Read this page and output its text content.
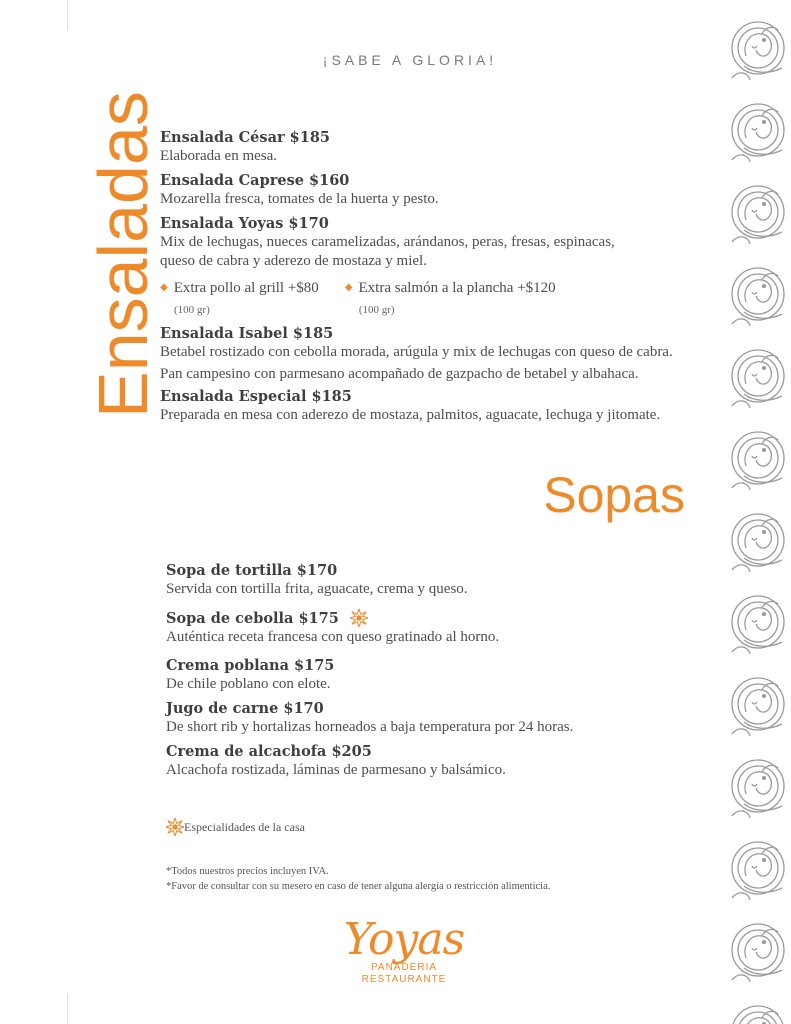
¡SABE A GLORIA!
Ensaladas
Ensalada César $185
Elaborada en mesa.
Ensalada Caprese $160
Mozarella fresca, tomates de la huerta y pesto.
Ensalada Yoyas $170
Mix de lechugas, nueces caramelizadas, arándanos, peras, fresas, espinacas,
queso de cabra y aderezo de mostaza y miel.
◆ Extra pollo al grill +$80
(100 gr)
◆ Extra salmón a la plancha +$120
(100 gr)
Ensalada Isabel $185
Betabel rostizado con cebolla morada, arúgula y mix de lechugas con queso de cabra.
Pan campesino con parmesano acompañado de gazpacho de betabel y albahaca.
Ensalada Especial $185
Preparada en mesa con aderezo de mostaza, palmitos, aguacate, lechuga y jitomate.
Sopas
Sopa de tortilla $170
Servida con tortilla frita, aguacate, crema y queso.
Sopa de cebolla $175
Auténtica receta francesa con queso gratinado al horno.
Crema poblana $175
De chile poblano con elote.
Jugo de carne $170
De short rib y hortalizas horneados a baja temperatura por 24 horas.
Crema de alcachofa $205
Alcachofa rostizada, láminas de parmesano y balsámico.
Especialidades de la casa
*Todos nuestros precios incluyen IVA.
*Favor de consultar con su mesero en caso de tener alguna alergía o restricción alimenticia.
Yoyas
PANADERIA
RESTAURANTE
